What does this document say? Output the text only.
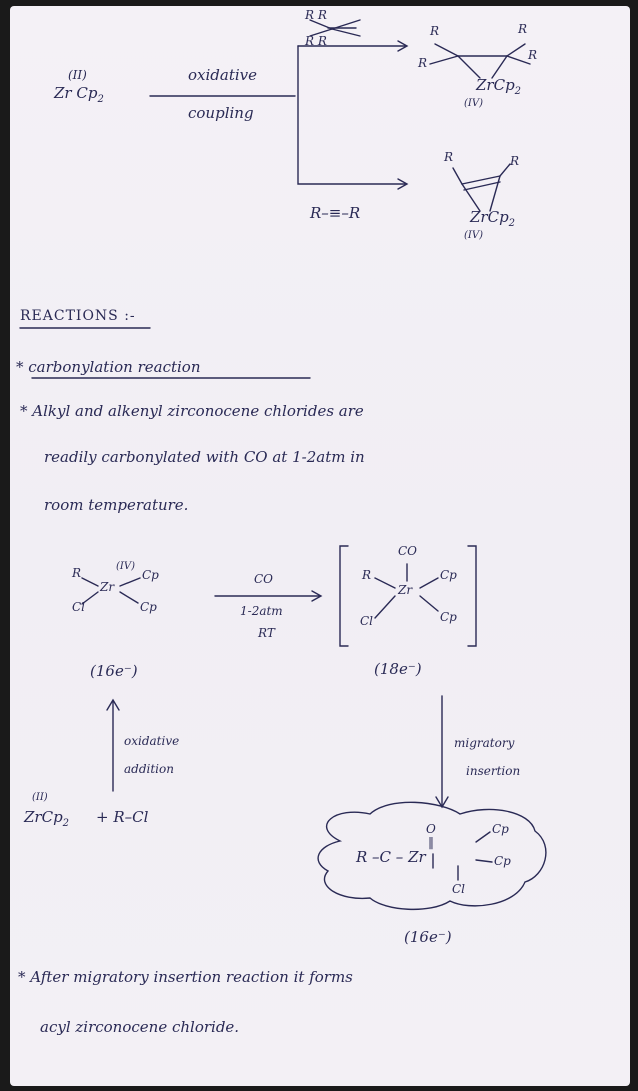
(II)
Zr $Cp_2$
oxidative
coupling
R R
R R
R	R
R
R
ZrCp$_2$
(IV)
R	R
ZrCp$_2$
(IV)
R–≡–R
REACTIONS :-
* carbonylation reaction
* Alkyl and alkenyl zirconocene chlorides are
readily carbonylated with CO at 1-2atm in
room temperature.
(IV)
R
Zr
Cp
Cl	Cp
CO
1-2atm
RT
CO
R
Zr
Cp
Cl	Cp
(16e⁻)	(18e⁻)
oxidative
addition
migratory
insertion
(II)
ZrCp$_2$ + R–Cl
O
‖
R –C – Zr
Cp
Cp
Cl
(16e⁻)
* After migratory insertion reaction it forms
acyl zirconocene chloride.
